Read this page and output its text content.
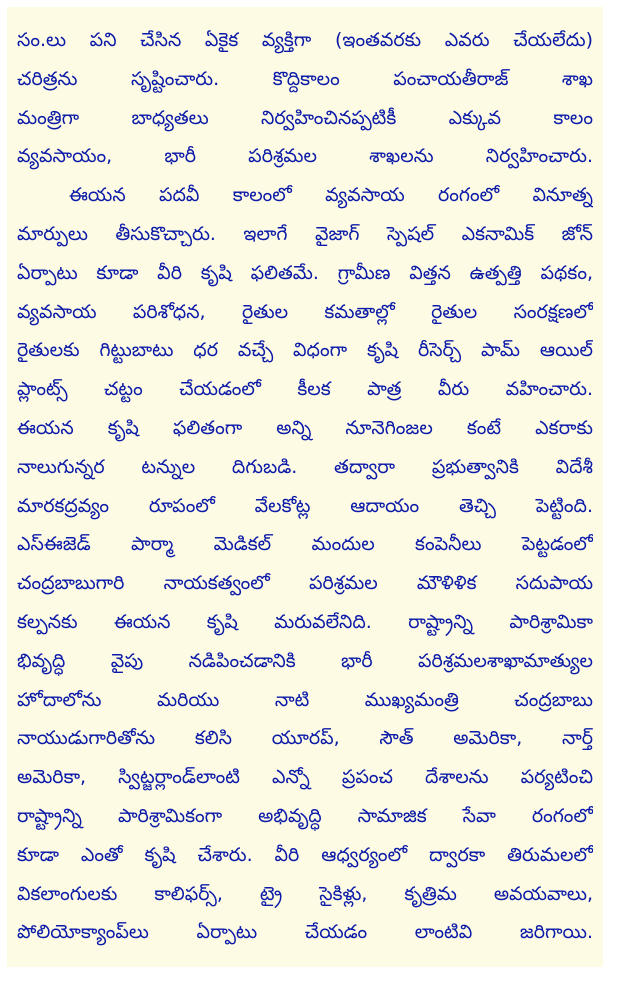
సం.లు పని చేసిన ఏకైక వ్యక్తిగా (ఇంతవరకు ఎవరు చేయలేదు)
చరిత్రను సృష్టించారు. కొద్దికాలం పంచాయతీరాజ్ శాఖ
మంత్రిగా బాధ్యతలు నిర్వహించినప్పటికీ ఎక్కువ కాలం
వ్యవసాయం, భారీ పరిశ్రమల శాఖలను నిర్వహించారు.
ఈయన పదవీ కాలంలో వ్యవసాయ రంగంలో వినూత్న
మార్పులు తీసుకొచ్చారు. ఇలాగే వైజాగ్ స్పెషల్ ఎకనామిక్ జోన్
ఏర్పాటు కూడా వీరి కృషి ఫలితమే. గ్రామీణ విత్తన ఉత్పత్తి పథకం,
వ్యవసాయ పరిశోధన, రైతుల కమతాల్లో రైతుల సంరక్షణలో
రైతులకు గిట్టుబాటు ధర వచ్చే విధంగా కృషి రీసెర్చ్ పామ్ ఆయిల్
ప్లాంట్స్ చట్టం చేయడంలో కీలక పాత్ర వీరు వహించారు.
ఈయన కృషి ఫలితంగా అన్ని నూనెగింజల కంటే ఎకరాకు
నాలుగున్నర టన్నుల దిగుబడి. తద్వారా ప్రభుత్వానికి విదేశీ
మారకద్రవ్యం రూపంలో వేలకోట్ల ఆదాయం తెచ్చి పెట్టింది.
ఎస్ఈజెడ్ పార్మా మెడికల్ మందుల కంపెనీలు పెట్టడంలో
చంద్రబాబుగారి నాయకత్వంలో పరిశ్రమల మౌళిళిక సదుపాయ
కల్పనకు ఈయన కృషి మరువలేనిది. రాష్ట్రాన్ని పారిశ్రామికా
భివృద్ధి వైపు నడిపించడానికి భారీ పరిశ్రమలశాఖామాత్యుల
హోదాలోను మరియు నాటి ముఖ్యమంత్రి చంద్రబాబు
నాయుడుగారితోను కలిసి యూరప్, సౌత్ అమెరికా, నార్త్
అమెరికా, స్విట్జర్లాండ్‌లాంటి ఎన్నో ప్రపంచ దేశాలను పర్యటించి
రాష్ట్రాన్ని పారిశ్రామికంగా అభివృద్ధి సామాజిక సేవా రంగంలో
కూడా ఎంతో కృషి చేశారు. వీరి ఆధ్వర్యంలో ద్వారకా తిరుమలలో
వికలాంగులకు కాలిఫర్స్, ట్రై సైకిళ్లు, కృత్రిమ అవయవాలు,
పోలియోక్యాంప్‌లు ఏర్పాటు చేయడం లాంటివి జరిగాయి.
